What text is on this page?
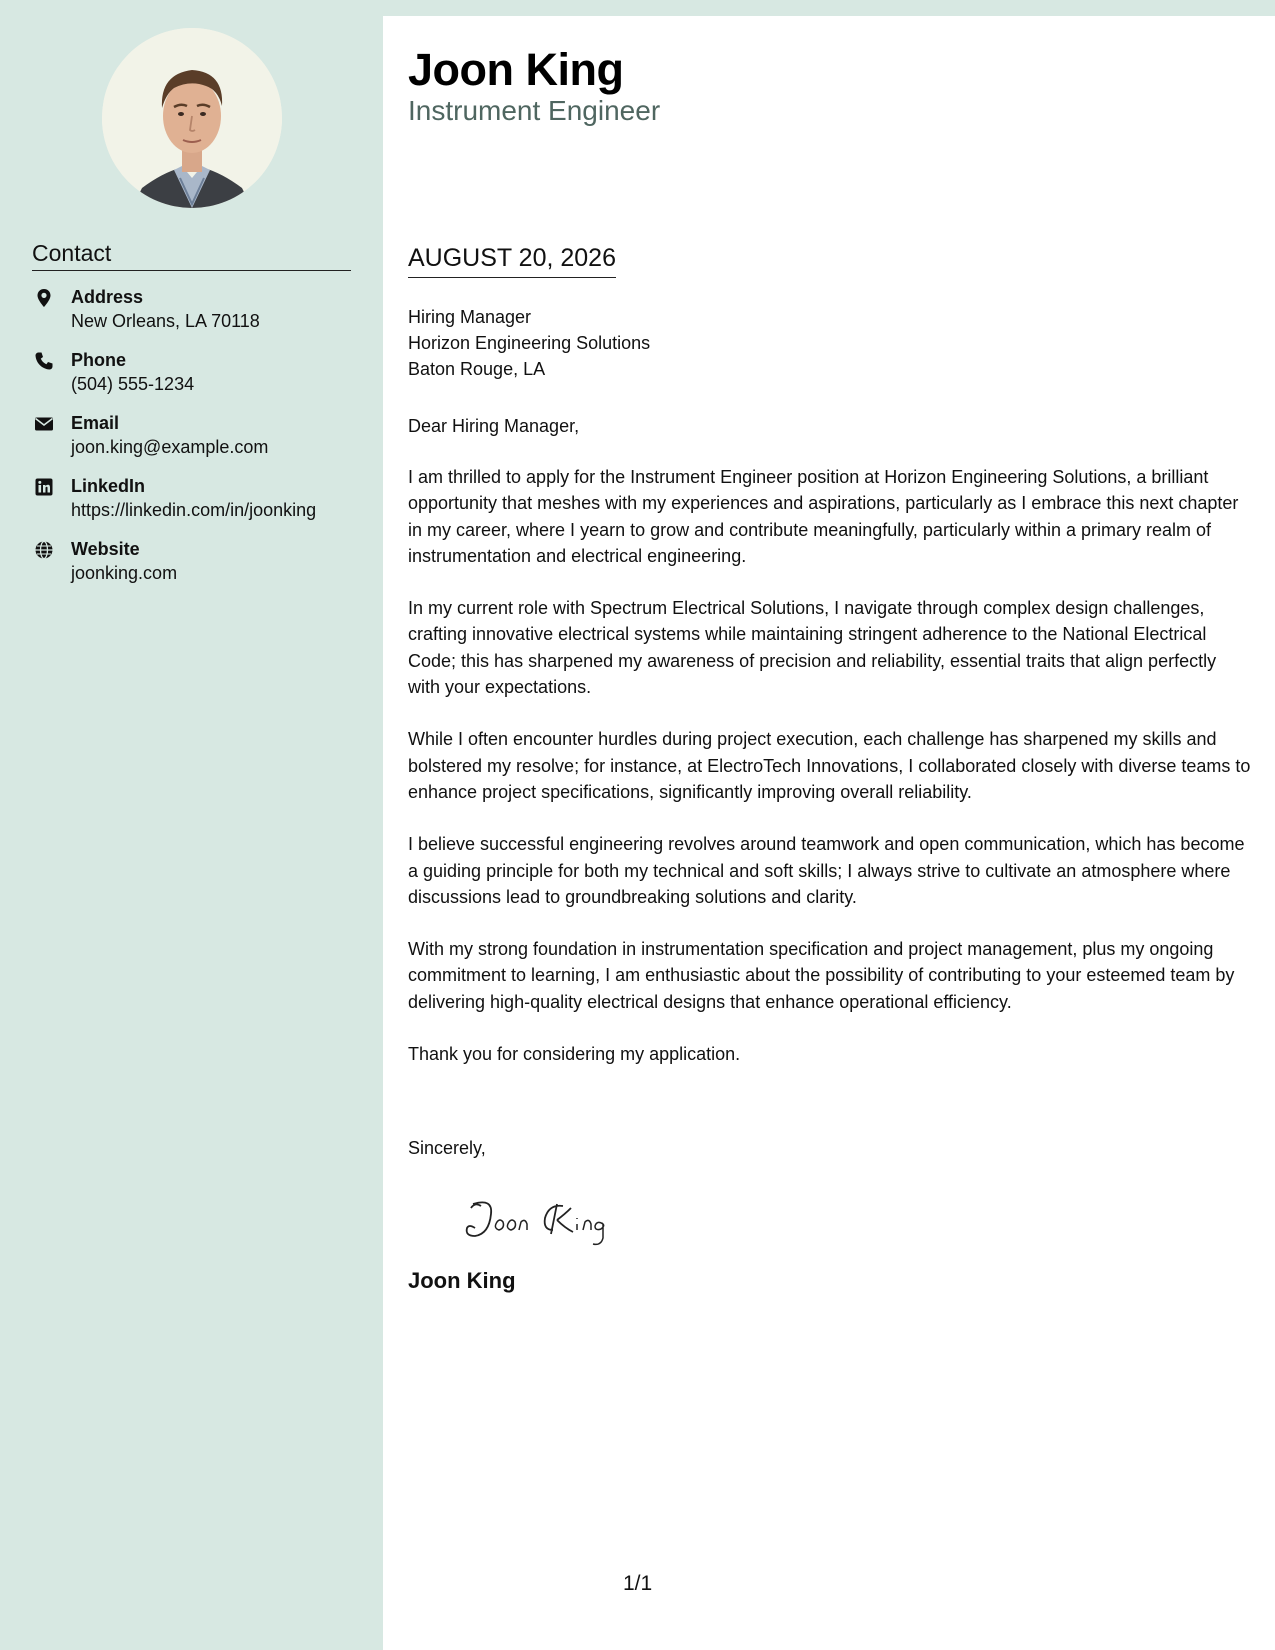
Contact
Address
New Orleans, LA 70118
Phone
(504) 555-1234
Email
joon.king@example.com
LinkedIn
https://linkedin.com/in/joonking
Website
joonking.com
Joon King
Instrument Engineer
AUGUST 20, 2026
Hiring Manager
Horizon Engineering Solutions
Baton Rouge, LA
Dear Hiring Manager,

I am thrilled to apply for the Instrument Engineer position at Horizon Engineering Solutions, a brilliant opportunity that meshes with my experiences and aspirations, particularly as I embrace this next chapter in my career, where I yearn to grow and contribute meaningfully, particularly within a primary realm of instrumentation and electrical engineering.

In my current role with Spectrum Electrical Solutions, I navigate through complex design challenges, crafting innovative electrical systems while maintaining stringent adherence to the National Electrical Code; this has sharpened my awareness of precision and reliability, essential traits that align perfectly with your expectations.

While I often encounter hurdles during project execution, each challenge has sharpened my skills and bolstered my resolve; for instance, at ElectroTech Innovations, I collaborated closely with diverse teams to enhance project specifications, significantly improving overall reliability.

I believe successful engineering revolves around teamwork and open communication, which has become a guiding principle for both my technical and soft skills; I always strive to cultivate an atmosphere where discussions lead to groundbreaking solutions and clarity.

With my strong foundation in instrumentation specification and project management, plus my ongoing commitment to learning, I am enthusiastic about the possibility of contributing to your esteemed team by delivering high-quality electrical designs that enhance operational efficiency.

Thank you for considering my application.

Sincerely,
Joon King
1/1
